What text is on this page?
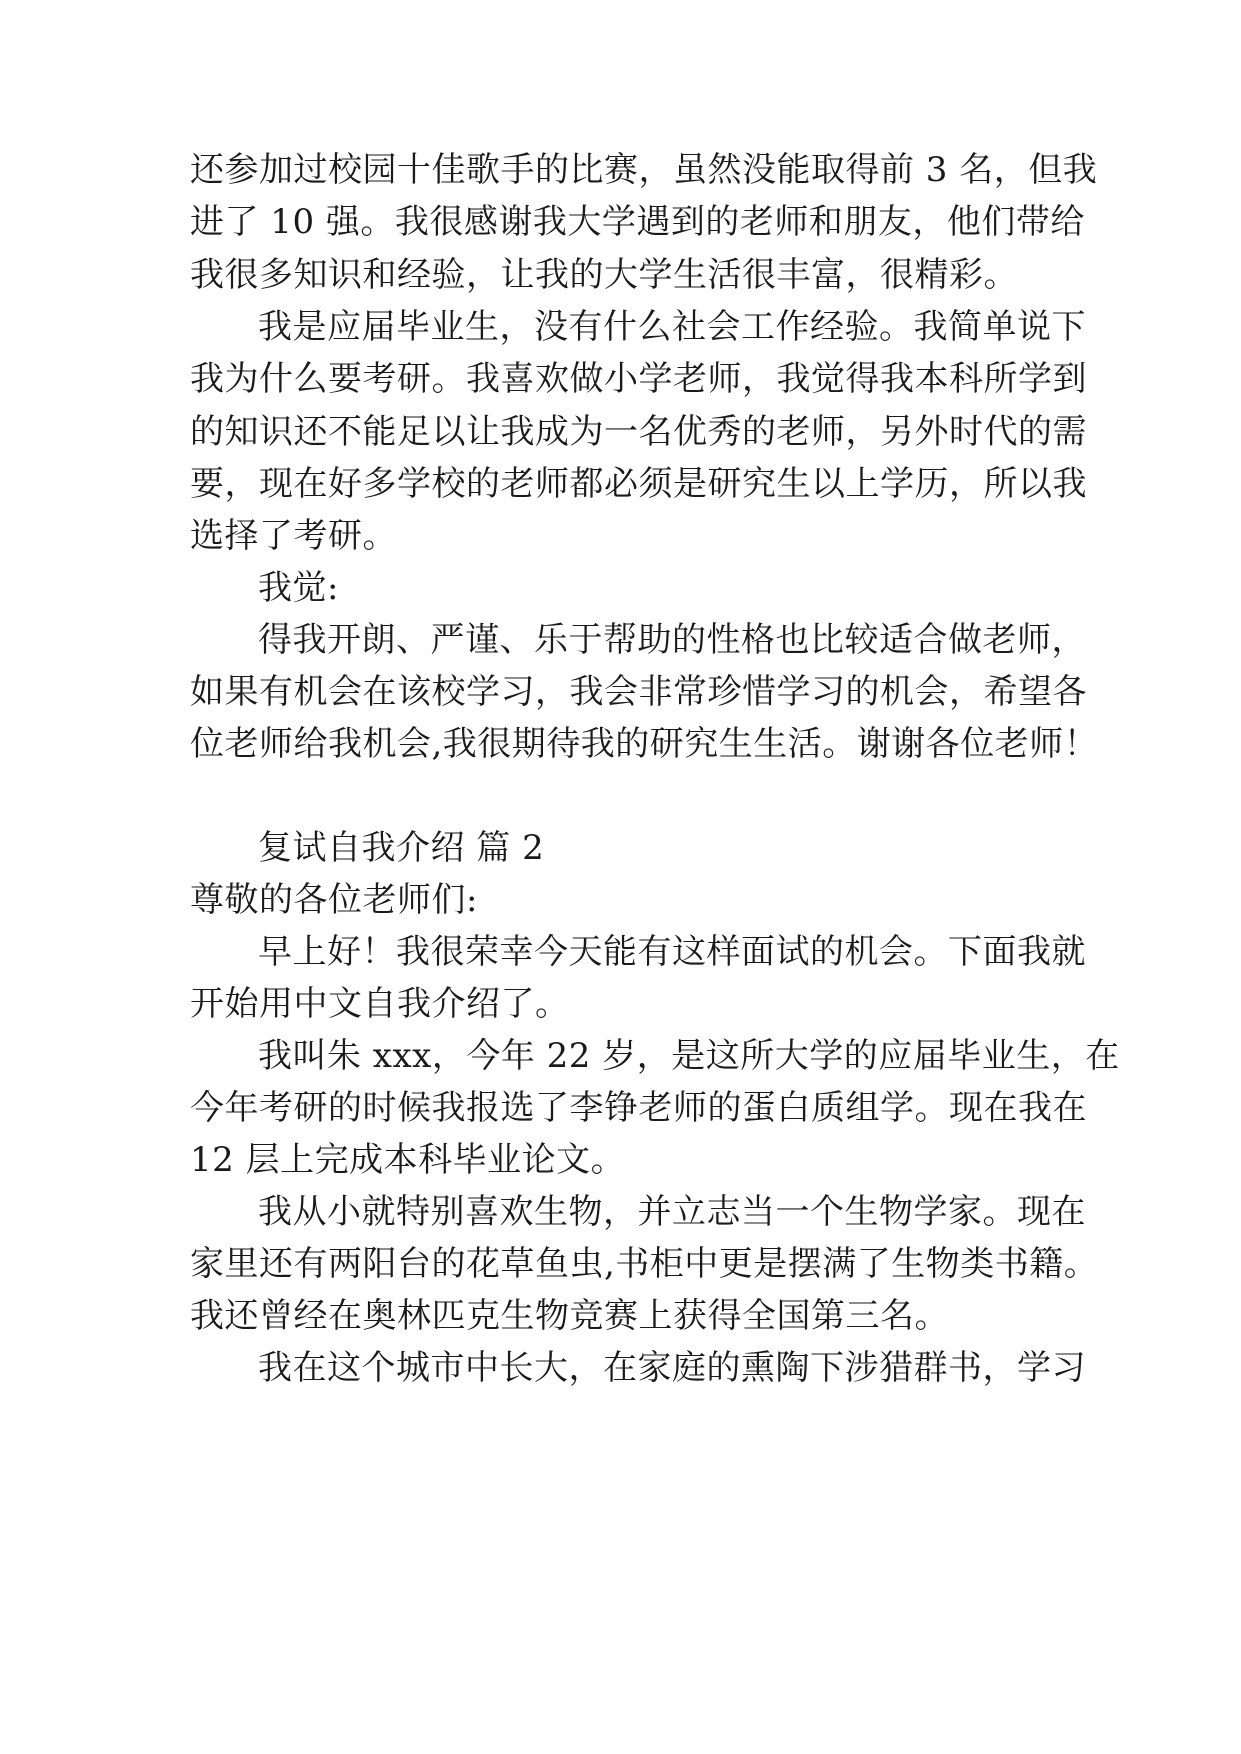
还参加过校园十佳歌手的比赛，虽然没能取得前 3 名，但我
进了 10 强。我很感谢我大学遇到的老师和朋友，他们带给
我很多知识和经验，让我的大学生活很丰富，很精彩。
我是应届毕业生，没有什么社会工作经验。我简单说下
我为什么要考研。我喜欢做小学老师，我觉得我本科所学到
的知识还不能足以让我成为一名优秀的老师，另外时代的需
要，现在好多学校的老师都必须是研究生以上学历，所以我
选择了考研。
我觉:
得我开朗、严谨、乐于帮助的性格也比较适合做老师，
如果有机会在该校学习，我会非常珍惜学习的机会，希望各
位老师给我机会,我很期待我的研究生生活。谢谢各位老师！
复试自我介绍 篇 2
尊敬的各位老师们:
早上好！我很荣幸今天能有这样面试的机会。下面我就
开始用中文自我介绍了。
我叫朱 xxx，今年 22 岁，是这所大学的应届毕业生，在
今年考研的时候我报选了李铮老师的蛋白质组学。现在我在
12 层上完成本科毕业论文。
我从小就特别喜欢生物，并立志当一个生物学家。现在
家里还有两阳台的花草鱼虫,书柜中更是摆满了生物类书籍。
我还曾经在奥林匹克生物竞赛上获得全国第三名。
我在这个城市中长大，在家庭的熏陶下涉猎群书，学习
